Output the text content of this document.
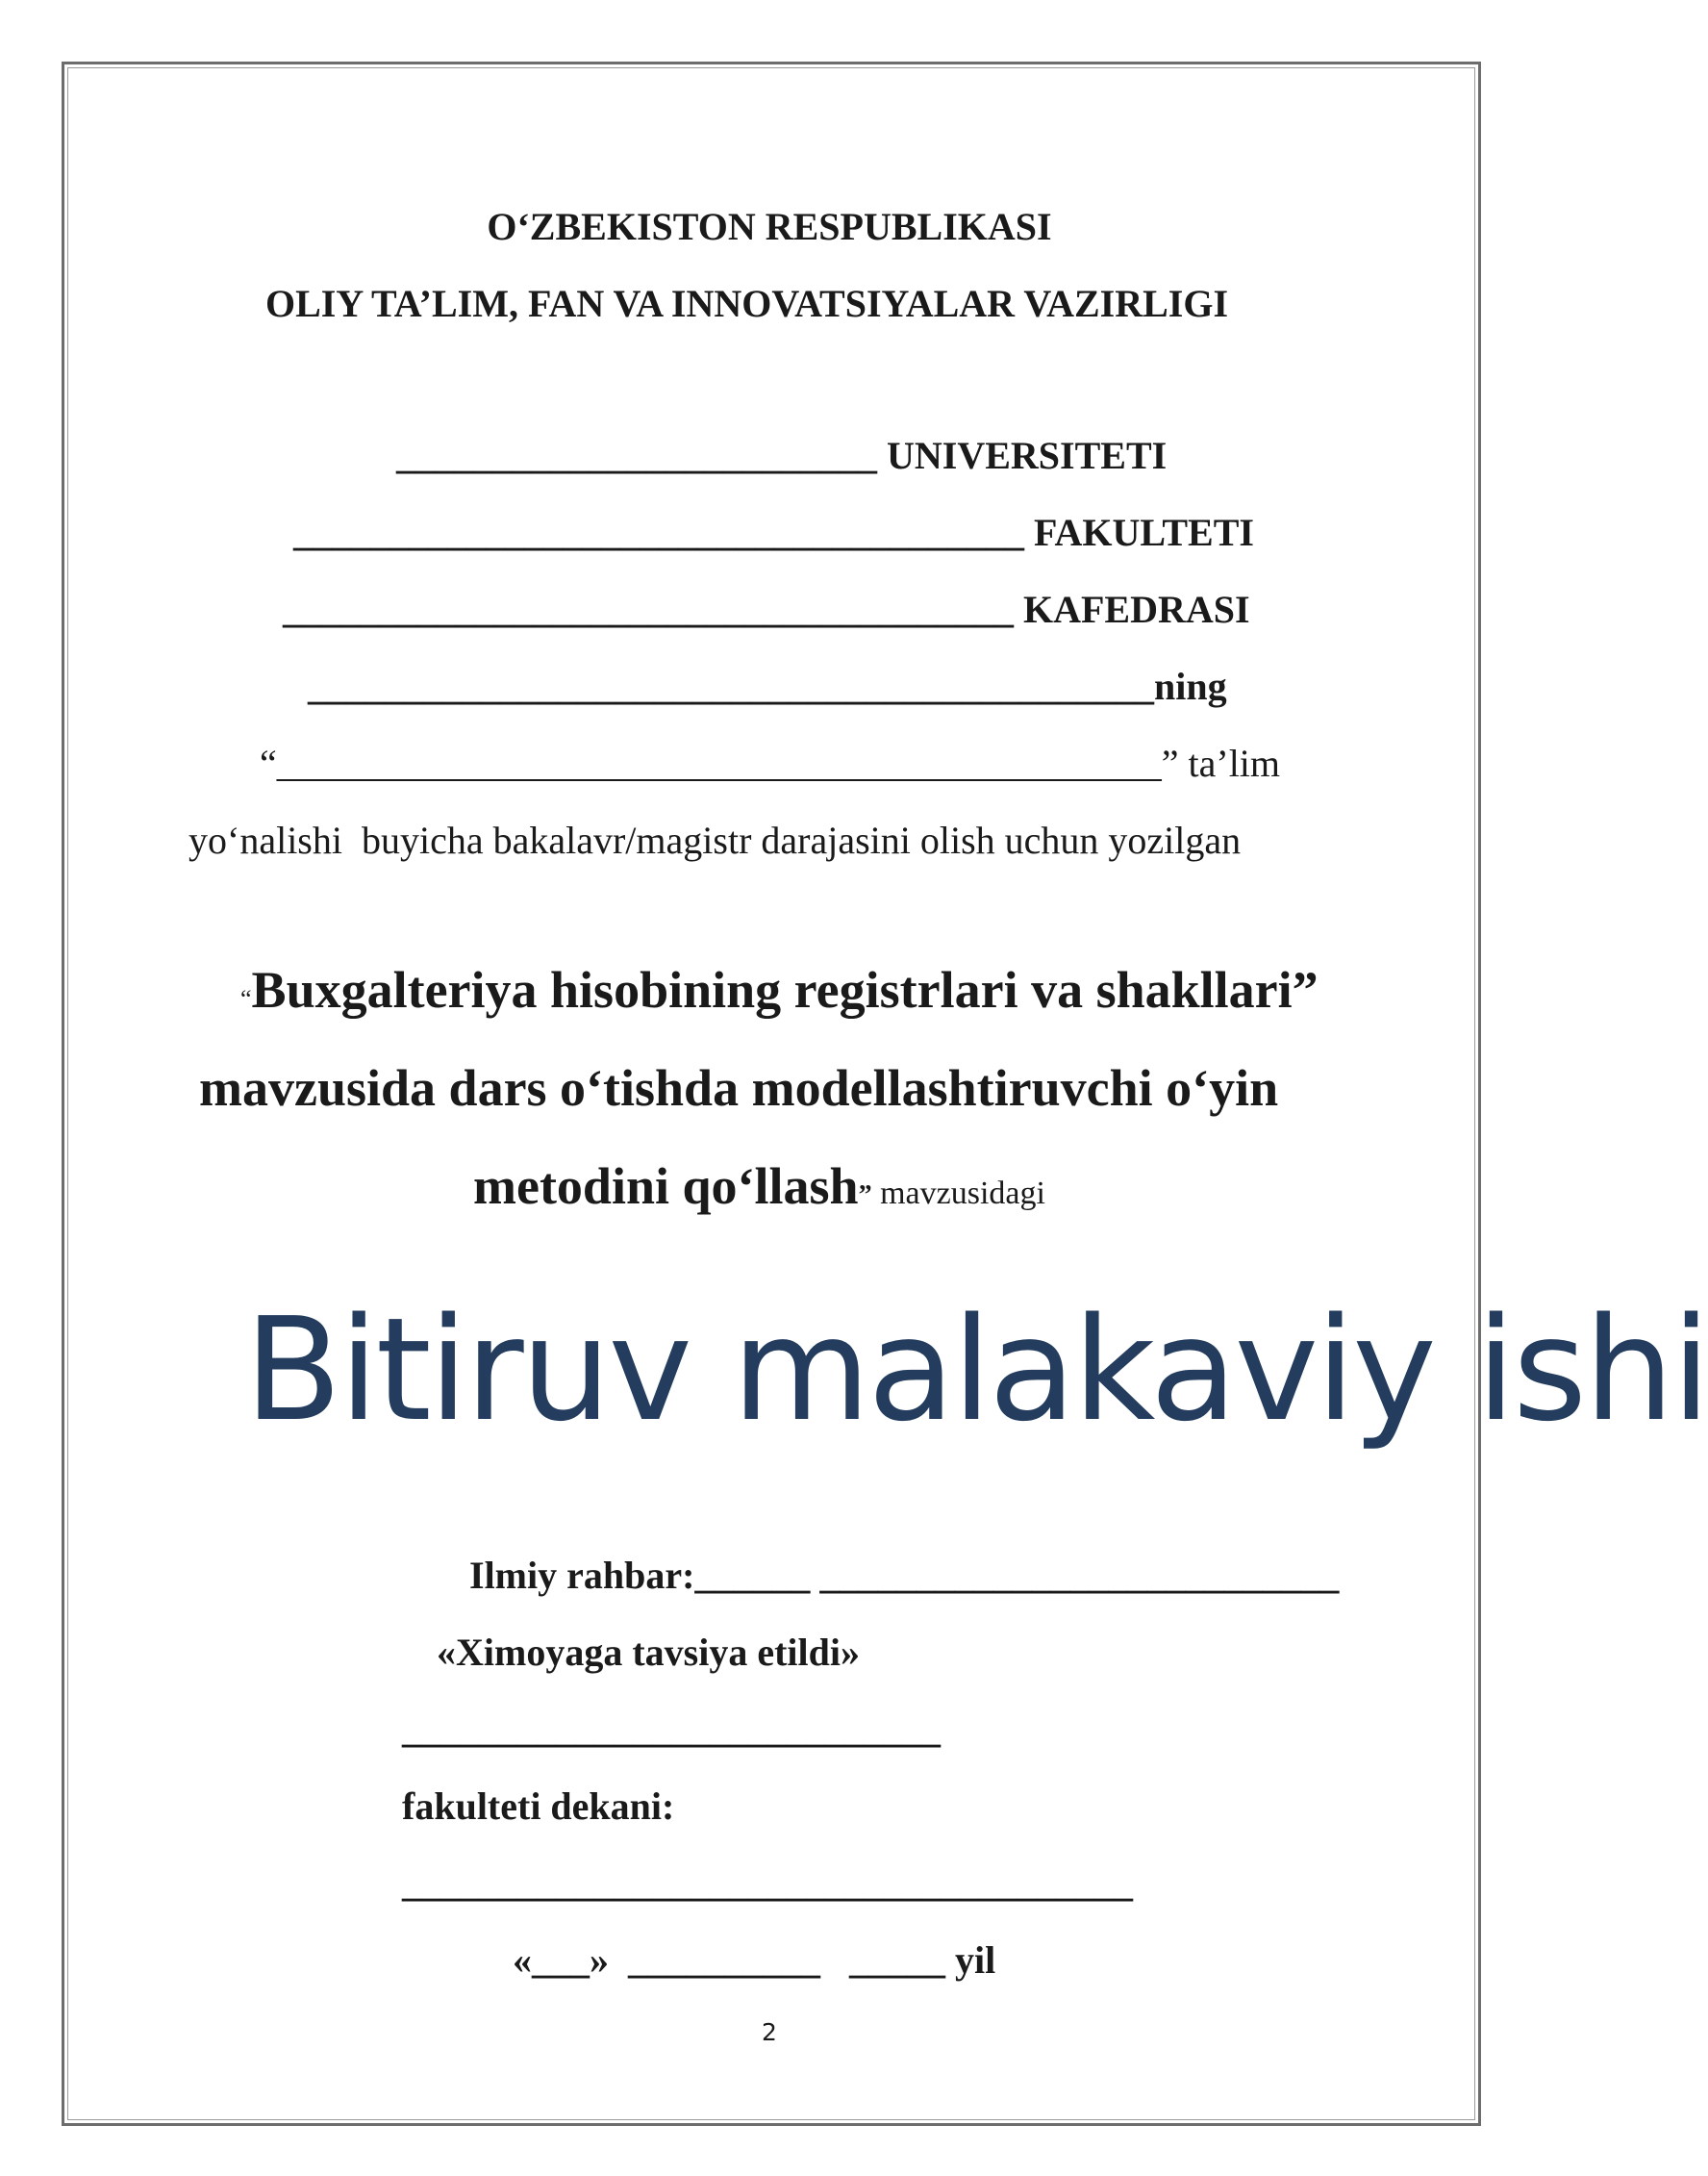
O‘ZBEKISTON RESPUBLIKASI
OLIY TA’LIM, FAN VA INNOVATSIYALAR VAZIRLIGI
_________________________ UNIVERSITETI
______________________________________ FAKULTETI
______________________________________ KAFEDRASI
____________________________________________ning
“______________________________________________” ta’lim
yo‘nalishi  buyicha bakalavr/magistr darajasini olish uchun yozilgan
“Buxgalteriya hisobining registrlari va shakllari”
mavzusida dars o‘tishda modellashtiruvchi o‘yin
metodini qo‘llash” mavzusidagi
Bitiruv malakaviy ishi
Ilmiy rahbar:______ ___________________________
«Ximoyaga tavsiya etildi»
____________________________
fakulteti dekani:
______________________________________
«___»  __________   _____ yil
2
